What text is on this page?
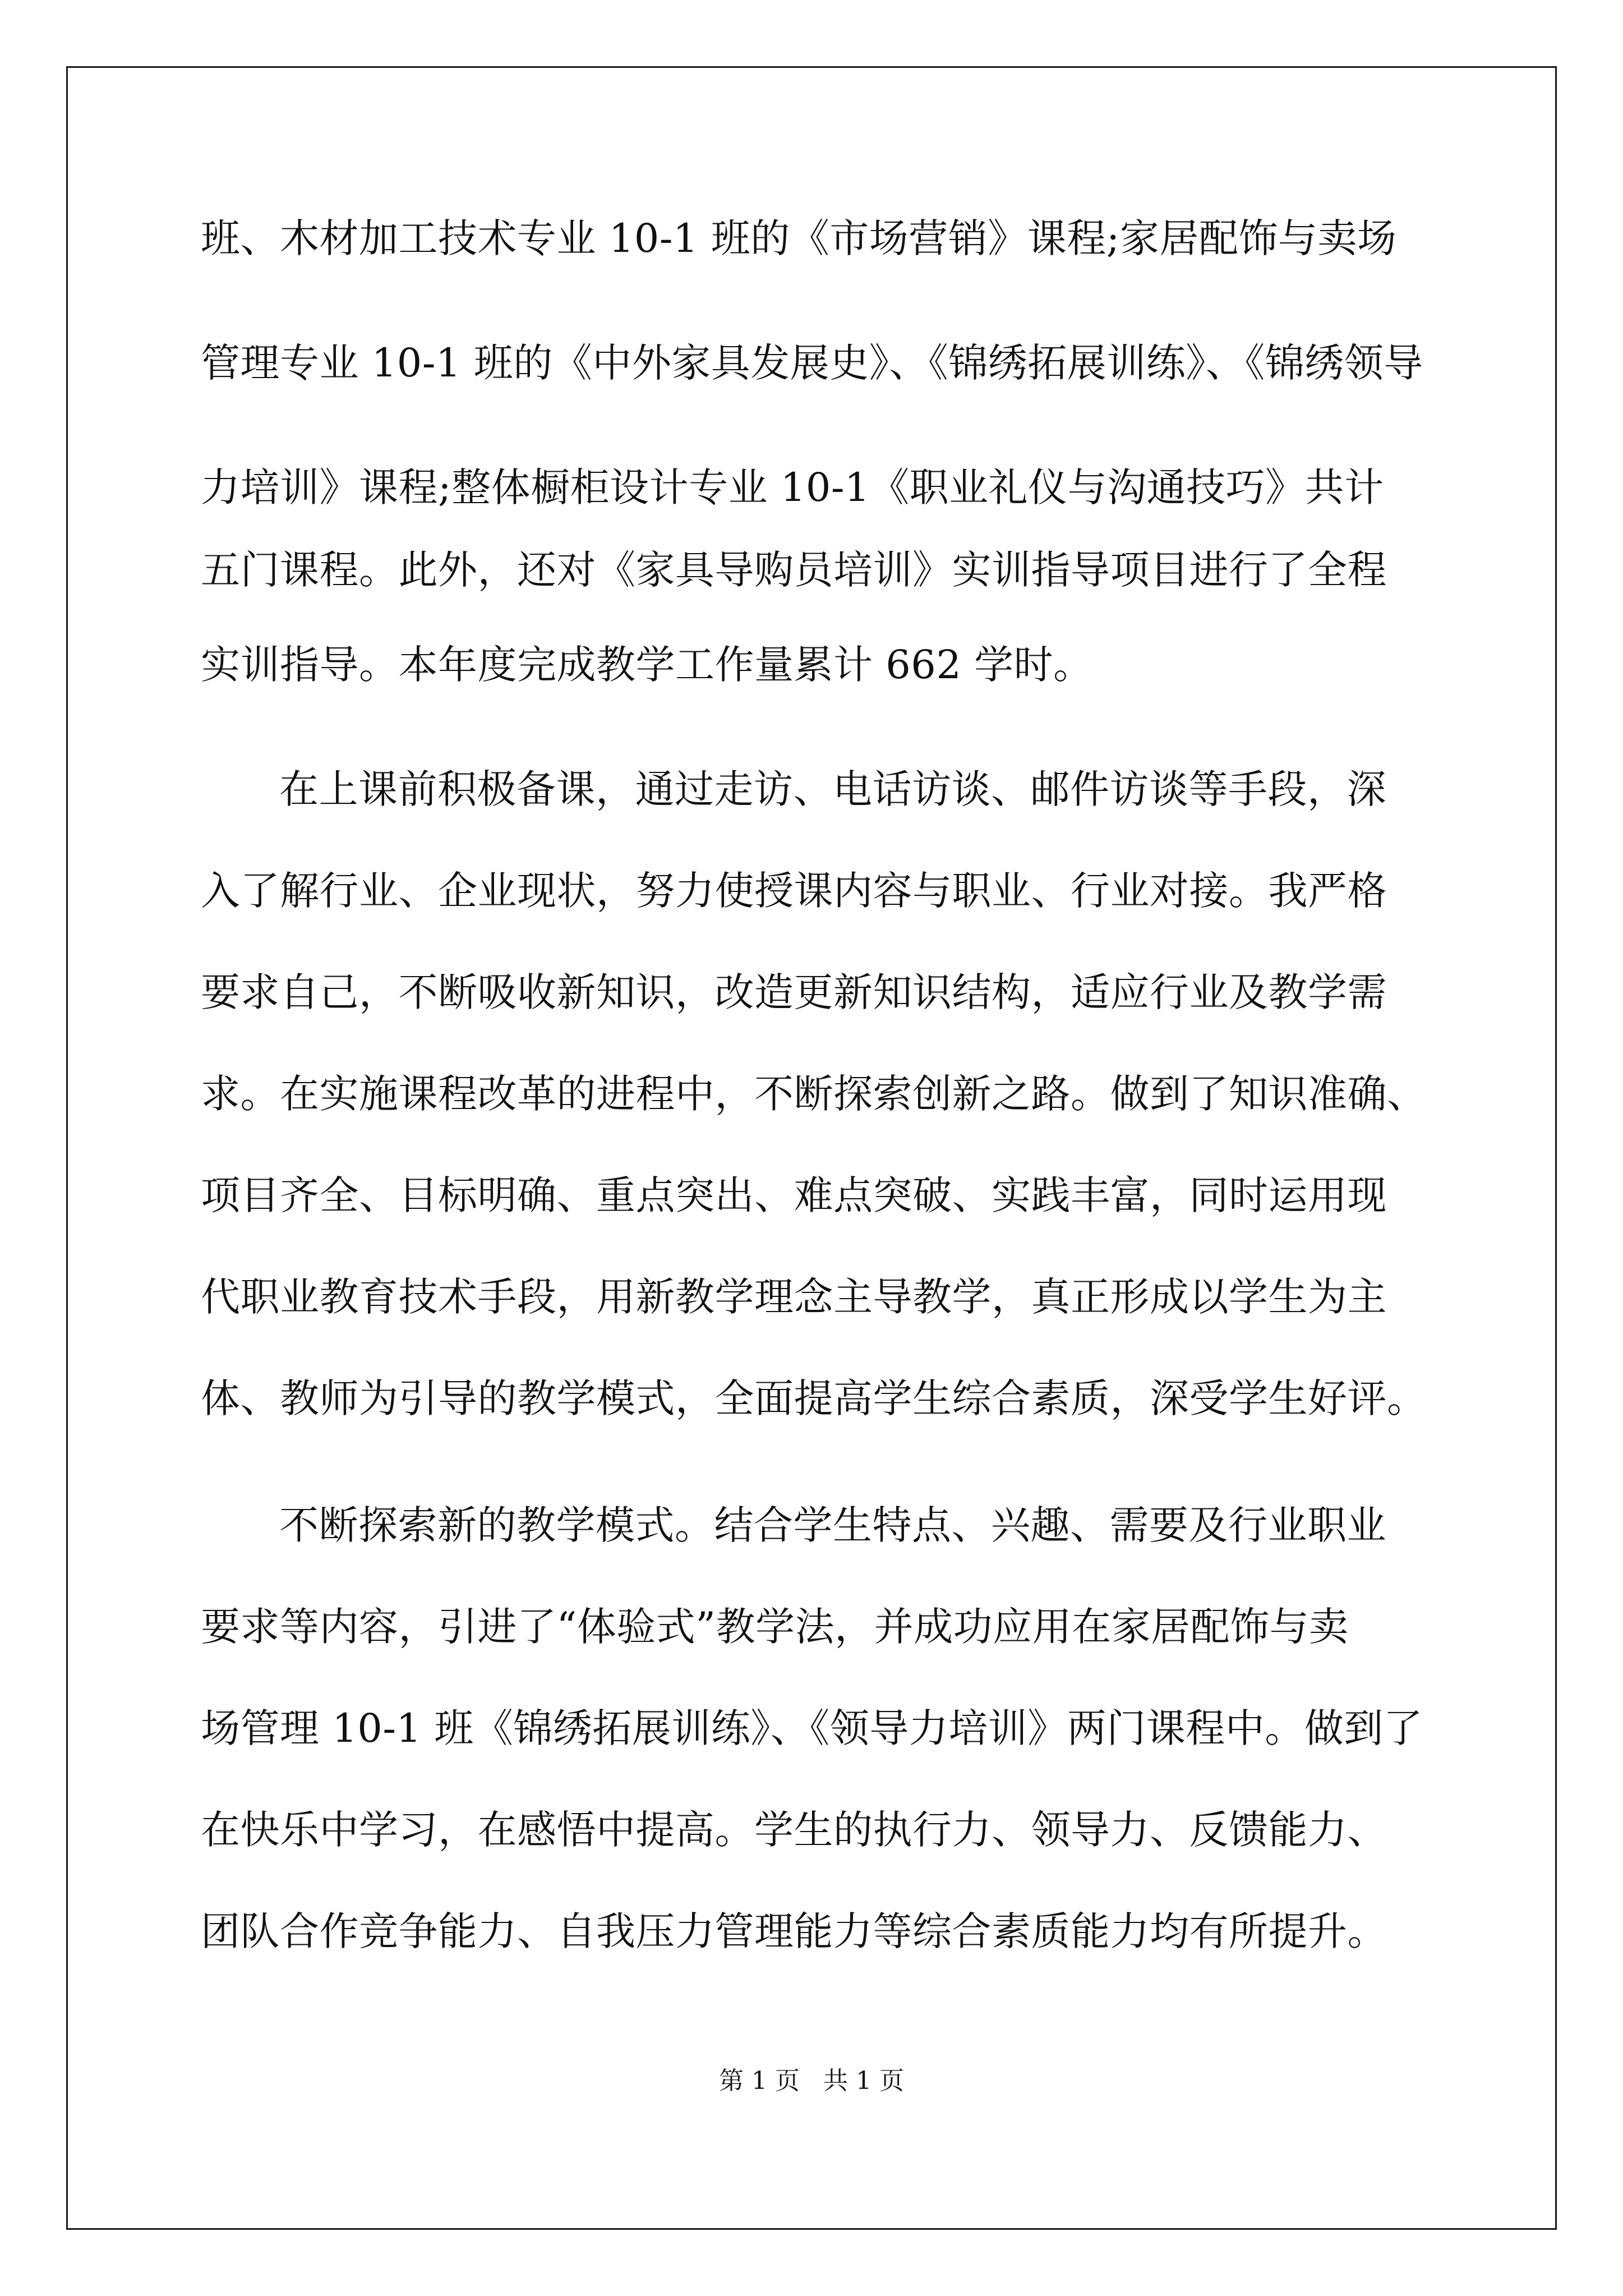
班、木材加工技术专业 10-1 班的《市场营销》课程;家居配饰与卖场
管理专业 10-1 班的《中外家具发展史》、《锦绣拓展训练》、《锦绣领导
力培训》课程;整体橱柜设计专业 10-1《职业礼仪与沟通技巧》共计
五门课程。此外，还对《家具导购员培训》实训指导项目进行了全程
实训指导。本年度完成教学工作量累计 662 学时。
在上课前积极备课，通过走访、电话访谈、邮件访谈等手段，深
入了解行业、企业现状，努力使授课内容与职业、行业对接。我严格
要求自己，不断吸收新知识，改造更新知识结构，适应行业及教学需
求。在实施课程改革的进程中，不断探索创新之路。做到了知识准确、
项目齐全、目标明确、重点突出、难点突破、实践丰富，同时运用现
代职业教育技术手段，用新教学理念主导教学，真正形成以学生为主
体、教师为引导的教学模式，全面提高学生综合素质，深受学生好评。
不断探索新的教学模式。结合学生特点、兴趣、需要及行业职业
要求等内容，引进了“体验式”教学法，并成功应用在家居配饰与卖
场管理 10-1 班《锦绣拓展训练》、《领导力培训》两门课程中。做到了
在快乐中学习，在感悟中提高。学生的执行力、领导力、反馈能力、
团队合作竞争能力、自我压力管理能力等综合素质能力均有所提升。
第 1 页   共 1 页
